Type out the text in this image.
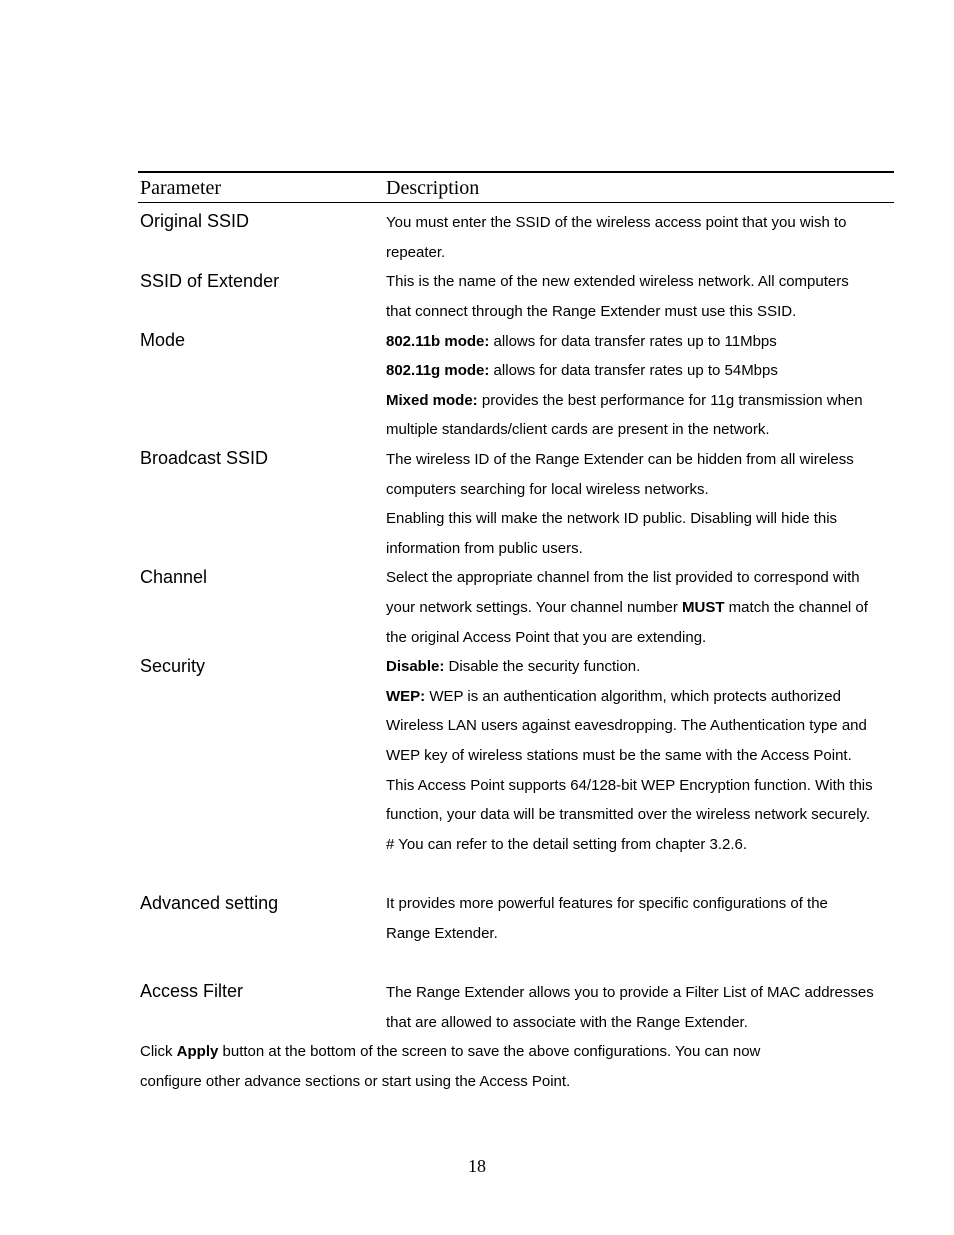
Parameter	Description
Original SSID	You must enter the SSID of the wireless access point that you wish to
repeater.
SSID of Extender	This is the name of the new extended wireless network. All computers
that connect through the Range Extender must use this SSID.
Mode	802.11b mode: allows for data transfer rates up to 11Mbps
802.11g mode: allows for data transfer rates up to 54Mbps
Mixed mode: provides the best performance for 11g transmission when
multiple standards/client cards are present in the network.
Broadcast SSID	The wireless ID of the Range Extender can be hidden from all wireless
computers searching for local wireless networks.
Enabling this will make the network ID public. Disabling will hide this
information from public users.
Channel	Select the appropriate channel from the list provided to correspond with
your network settings. Your channel number MUST match the channel of
the original Access Point that you are extending.
Security	Disable: Disable the security function.
WEP: WEP is an authentication algorithm, which protects authorized
Wireless LAN users against eavesdropping. The Authentication type and
WEP key of wireless stations must be the same with the Access Point.
This Access Point supports 64/128-bit WEP Encryption function. With this
function, your data will be transmitted over the wireless network securely.
# You can refer to the detail setting from chapter 3.2.6.
Advanced setting	It provides more powerful features for specific configurations of the
Range Extender.
Access Filter	The Range Extender allows you to provide a Filter List of MAC addresses
that are allowed to associate with the Range Extender.
Click Apply button at the bottom of the screen to save the above configurations. You can now
configure other advance sections or start using the Access Point.
18
